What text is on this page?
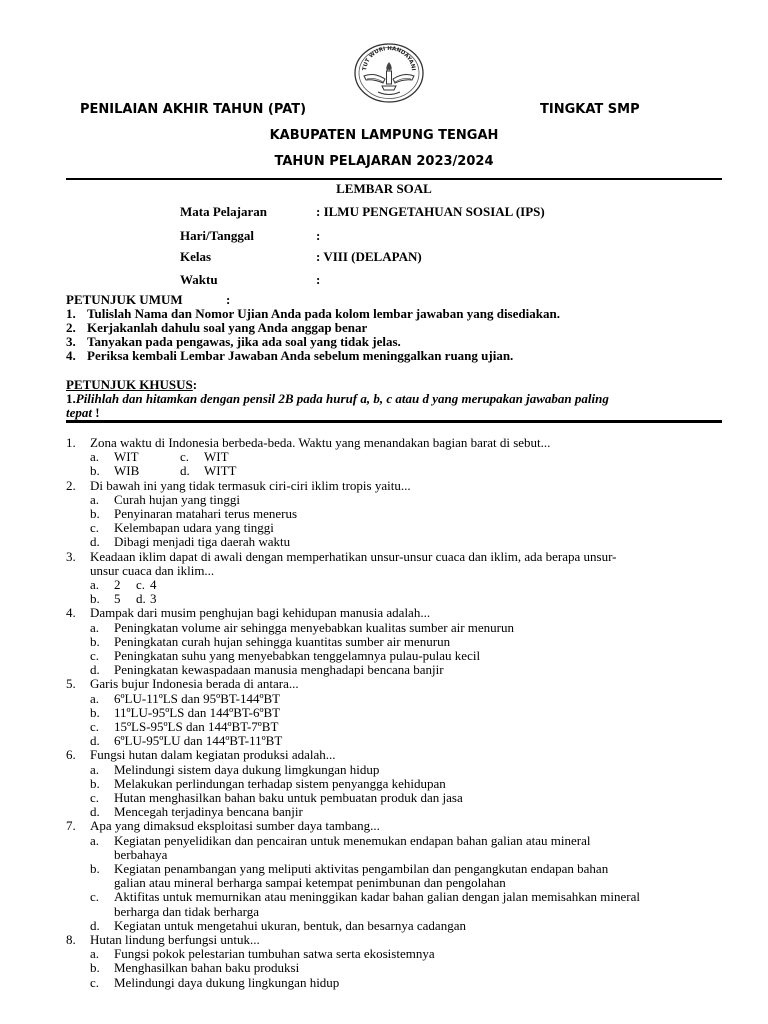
TUT WURI HANDAYANI
PENILAIAN AKHIR TAHUN (PAT)	TINGKAT SMP
KABUPATEN LAMPUNG TENGAH
TAHUN PELAJARAN 2023/2024
LEMBAR SOAL
Mata Pelajaran	: ILMU PENGETAHUAN SOSIAL (IPS)
Hari/Tanggal	:
Kelas	: VIII (DELAPAN)
Waktu	:
PETUNJUK UMUM	:
1. Tulislah Nama dan Nomor Ujian Anda pada kolom lembar jawaban yang disediakan.
2. Kerjakanlah dahulu soal yang Anda anggap benar
3. Tanyakan pada pengawas, jika ada soal yang tidak jelas.
4. Periksa kembali Lembar Jawaban Anda sebelum meninggalkan ruang ujian.
PETUNJUK KHUSUS:
1.Pilihlah dan hitamkan dengan pensil 2B pada huruf a, b, c atau d yang merupakan jawaban paling
tepat !
1. Zona waktu di Indonesia berbeda-beda. Waktu yang menandakan bagian barat di sebut...
a. WIT	c. WIT
b. WIB	d. WITT
2. Di bawah ini yang tidak termasuk ciri-ciri iklim tropis yaitu...
a. Curah hujan yang tinggi
b. Penyinaran matahari terus menerus
c. Kelembapan udara yang tinggi
d. Dibagi menjadi tiga daerah waktu
3. Keadaan iklim dapat di awali dengan memperhatikan unsur-unsur cuaca dan iklim, ada berapa unsur-
unsur cuaca dan iklim...
a. 2 c. 4
b. 5 d. 3
4. Dampak dari musim penghujan bagi kehidupan manusia adalah...
a. Peningkatan volume air sehingga menyebabkan kualitas sumber air menurun
b. Peningkatan curah hujan sehingga kuantitas sumber air menurun
c. Peningkatan suhu yang menyebabkan tenggelamnya pulau-pulau kecil
d. Peningkatan kewaspadaan manusia menghadapi bencana banjir
5. Garis bujur Indonesia berada di antara...
a. 6ºLU-11ºLS dan 95ºBT-144ºBT
b. 11ºLU-95ºLS dan 144ºBT-6ºBT
c. 15ºLS-95ºLS dan 144ºBT-7ºBT
d. 6ºLU-95ºLU dan 144ºBT-11ºBT
6. Fungsi hutan dalam kegiatan produksi adalah...
a. Melindungi sistem daya dukung limgkungan hidup
b. Melakukan perlindungan terhadap sistem penyangga kehidupan
c. Hutan menghasilkan bahan baku untuk pembuatan produk dan jasa
d. Mencegah terjadinya bencana banjir
7. Apa yang dimaksud eksploitasi sumber daya tambang...
a. Kegiatan penyelidikan dan pencairan untuk menemukan endapan bahan galian atau mineral
berbahaya
b. Kegiatan penambangan yang meliputi aktivitas pengambilan dan pengangkutan endapan bahan
galian atau mineral berharga sampai ketempat penimbunan dan pengolahan
c. Aktifitas untuk memurnikan atau meninggikan kadar bahan galian dengan jalan memisahkan mineral
berharga dan tidak berharga
d. Kegiatan untuk mengetahui ukuran, bentuk, dan besarnya cadangan
8. Hutan lindung berfungsi untuk...
a. Fungsi pokok pelestarian tumbuhan satwa serta ekosistemnya
b. Menghasilkan bahan baku produksi
c. Melindungi daya dukung lingkungan hidup
